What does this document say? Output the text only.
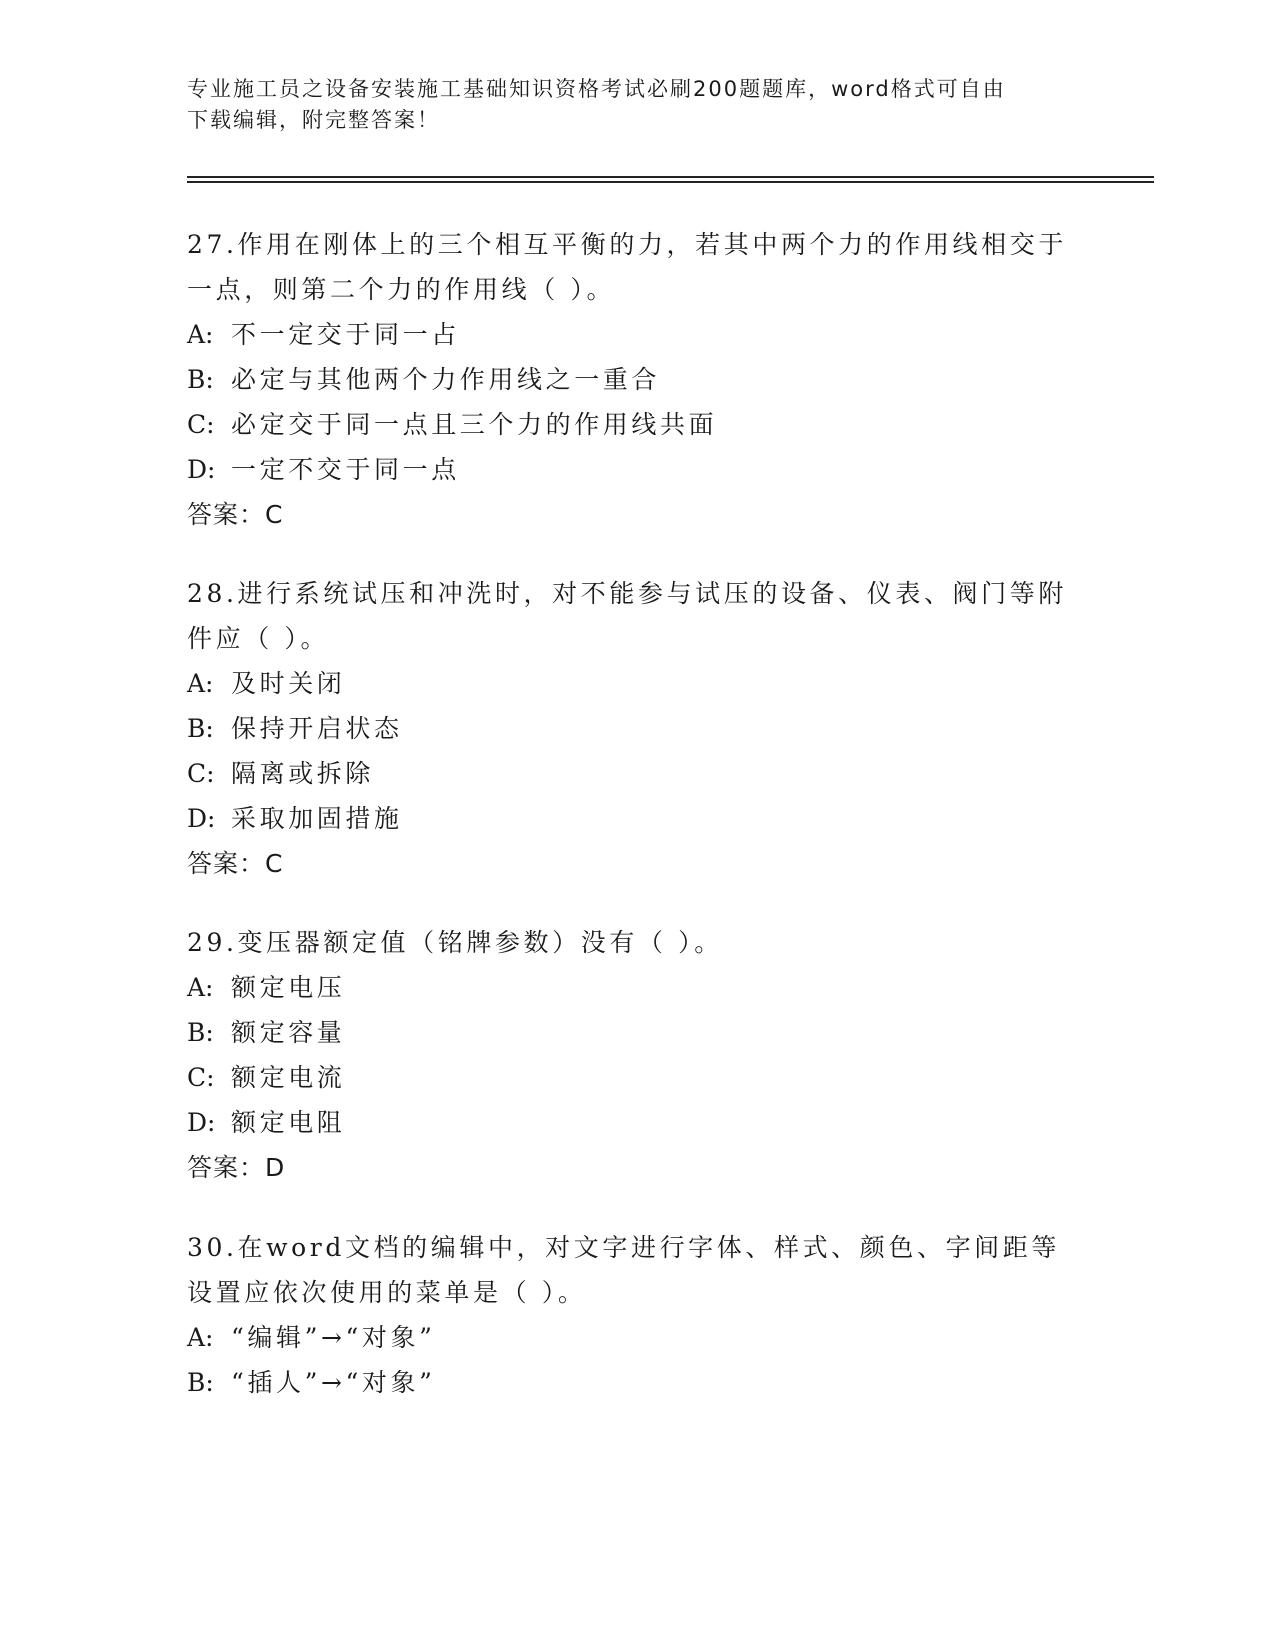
专业施工员之设备安装施工基础知识资格考试必刷200题题库，word格式可自由
下载编辑，附完整答案！
27.作用在刚体上的三个相互平衡的力，若其中两个力的作用线相交于
一点，则第二个力的作用线（ ）。
A: 不一定交于同一占
B: 必定与其他两个力作用线之一重合
C: 必定交于同一点且三个力的作用线共面
D: 一定不交于同一点
答案：C
28.进行系统试压和冲洗时，对不能参与试压的设备、仪表、阀门等附
件应（ ）。
A: 及时关闭
B: 保持开启状态
C: 隔离或拆除
D: 采取加固措施
答案：C
29.变压器额定值（铭牌参数）没有（ ）。
A: 额定电压
B: 额定容量
C: 额定电流
D: 额定电阻
答案：D
30.在word文档的编辑中，对文字进行字体、样式、颜色、字间距等
设置应依次使用的菜单是（ ）。
A: “编辑”→“对象”
B: “插人”→“对象”
